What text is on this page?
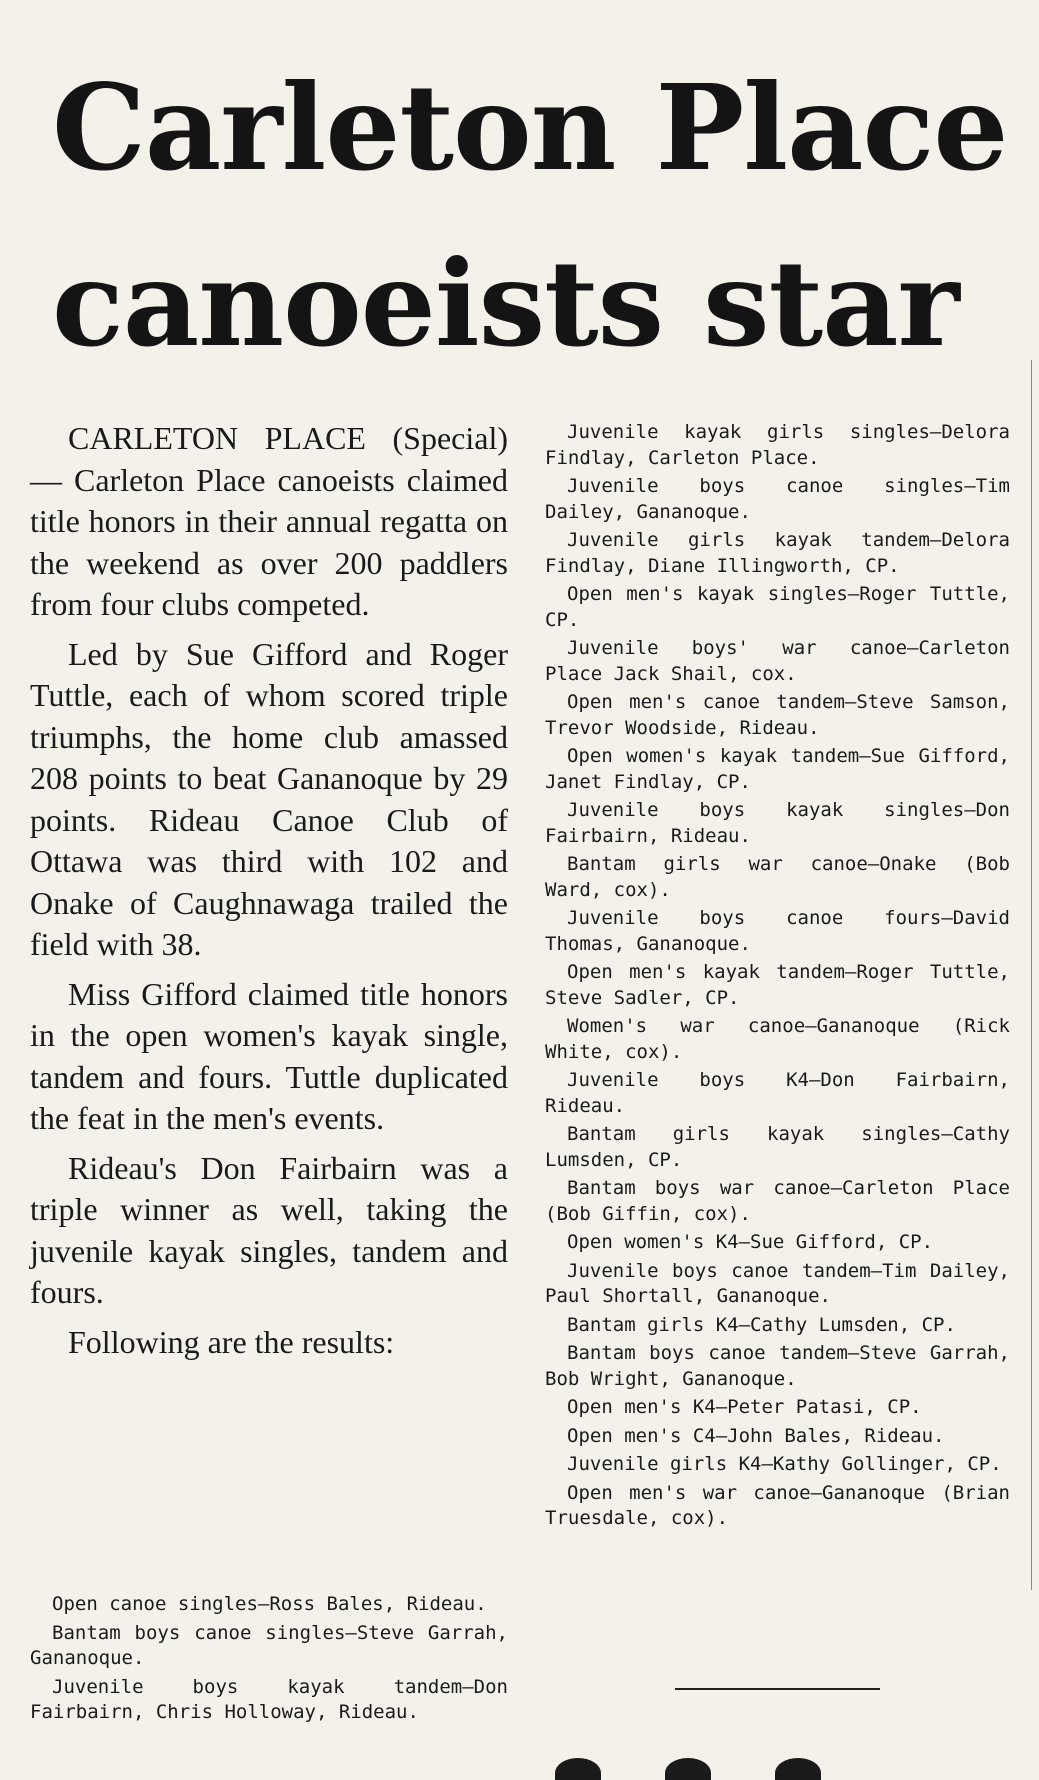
Carleton Place
canoeists star

CARLETON PLACE (Special) — Carleton Place canoeists claimed title honors in their annual regatta on the weekend as over 200 paddlers from four clubs competed.

Led by Sue Gifford and Roger Tuttle, each of whom scored triple triumphs, the home club amassed 208 points to beat Gananoque by 29 points. Rideau Canoe Club of Ottawa was third with 102 and Onake of Caughnawaga trailed the field with 38.

Miss Gifford claimed title honors in the open women's kayak single, tandem and fours. Tuttle duplicated the feat in the men's events.

Rideau's Don Fairbairn was a triple winner as well, taking the juvenile kayak singles, tandem and fours.

Following are the results:

Open canoe singles—Ross Bales, Rideau.

Bantam boys canoe singles—Steve Garrah, Gananoque.

Juvenile boys kayak tandem—Don Fairbairn, Chris Holloway, Rideau.

Juvenile kayak girls singles—Delora Findlay, Carleton Place.

Juvenile boys canoe singles—Tim Dailey, Gananoque.

Juvenile girls kayak tandem—Delora Findlay, Diane Illingworth, CP.

Open men's kayak singles—Roger Tuttle, CP.

Juvenile boys' war canoe—Carleton Place Jack Shail, cox.

Open men's canoe tandem—Steve Samson, Trevor Woodside, Rideau.

Open women's kayak tandem—Sue Gifford, Janet Findlay, CP.

Juvenile boys kayak singles—Don Fairbairn, Rideau.

Bantam girls war canoe—Onake (Bob Ward, cox).

Juvenile boys canoe fours—David Thomas, Gananoque.

Open men's kayak tandem—Roger Tuttle, Steve Sadler, CP.

Women's war canoe—Gananoque (Rick White, cox).

Juvenile boys K4—Don Fairbairn, Rideau.

Bantam girls kayak singles—Cathy Lumsden, CP.

Bantam boys war canoe—Carleton Place (Bob Giffin, cox).

Open women's K4—Sue Gifford, CP.

Juvenile boys canoe tandem—Tim Dailey, Paul Shortall, Gananoque.

Bantam girls K4—Cathy Lumsden, CP.

Bantam boys canoe tandem—Steve Garrah, Bob Wright, Gananoque.

Open men's K4—Peter Patasi, CP.

Open men's C4—John Bales, Rideau.

Juvenile girls K4—Kathy Gollinger, CP.

Open men's war canoe—Gananoque (Brian Truesdale, cox).
